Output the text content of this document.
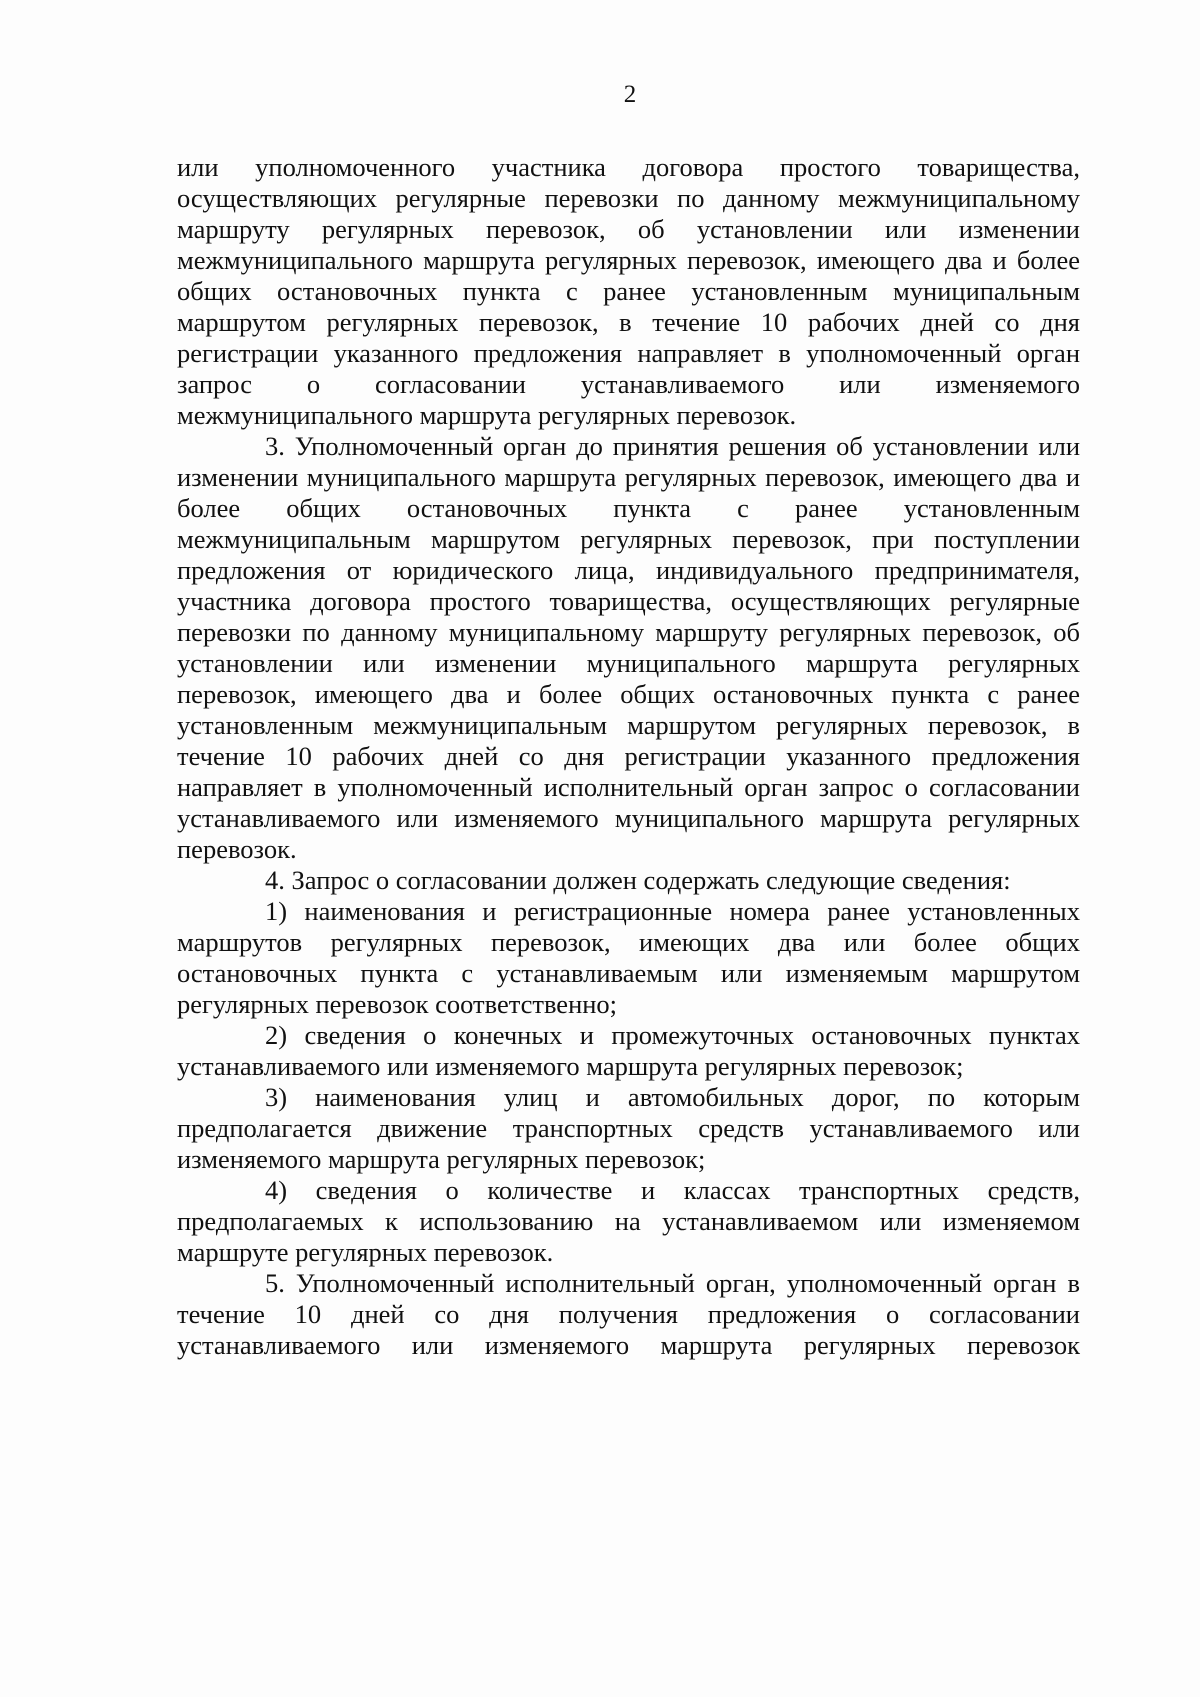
2

или уполномоченного участника договора простого товарищества, осуществляющих регулярные перевозки по данному межмуниципальному маршруту регулярных перевозок, об установлении или изменении межмуниципального маршрута регулярных перевозок, имеющего два и более общих остановочных пункта с ранее установленным муниципальным маршрутом регулярных перевозок, в течение 10 рабочих дней со дня регистрации указанного предложения направляет в уполномоченный орган запрос о согласовании устанавливаемого или изменяемого межмуниципального маршрута регулярных перевозок.

3. Уполномоченный орган до принятия решения об установлении или изменении муниципального маршрута регулярных перевозок, имеющего два и более общих остановочных пункта с ранее установленным межмуниципальным маршрутом регулярных перевозок, при поступлении предложения от юридического лица, индивидуального предпринимателя, участника договора простого товарищества, осуществляющих регулярные перевозки по данному муниципальному маршруту регулярных перевозок, об установлении или изменении муниципального маршрута регулярных перевозок, имеющего два и более общих остановочных пункта с ранее установленным межмуниципальным маршрутом регулярных перевозок, в течение 10 рабочих дней со дня регистрации указанного предложения направляет в уполномоченный исполнительный орган запрос о согласовании устанавливаемого или изменяемого муниципального маршрута регулярных перевозок.

4. Запрос о согласовании должен содержать следующие сведения:

1) наименования и регистрационные номера ранее установленных маршрутов регулярных перевозок, имеющих два или более общих остановочных пункта с устанавливаемым или изменяемым маршрутом регулярных перевозок соответственно;

2) сведения о конечных и промежуточных остановочных пунктах устанавливаемого или изменяемого маршрута регулярных перевозок;

3) наименования улиц и автомобильных дорог, по которым предполагается движение транспортных средств устанавливаемого или изменяемого маршрута регулярных перевозок;

4) сведения о количестве и классах транспортных средств, предполагаемых к использованию на устанавливаемом или изменяемом маршруте регулярных перевозок.

5. Уполномоченный исполнительный орган, уполномоченный орган в течение 10 дней со дня получения предложения о согласовании устанавливаемого или изменяемого маршрута регулярных перевозок
